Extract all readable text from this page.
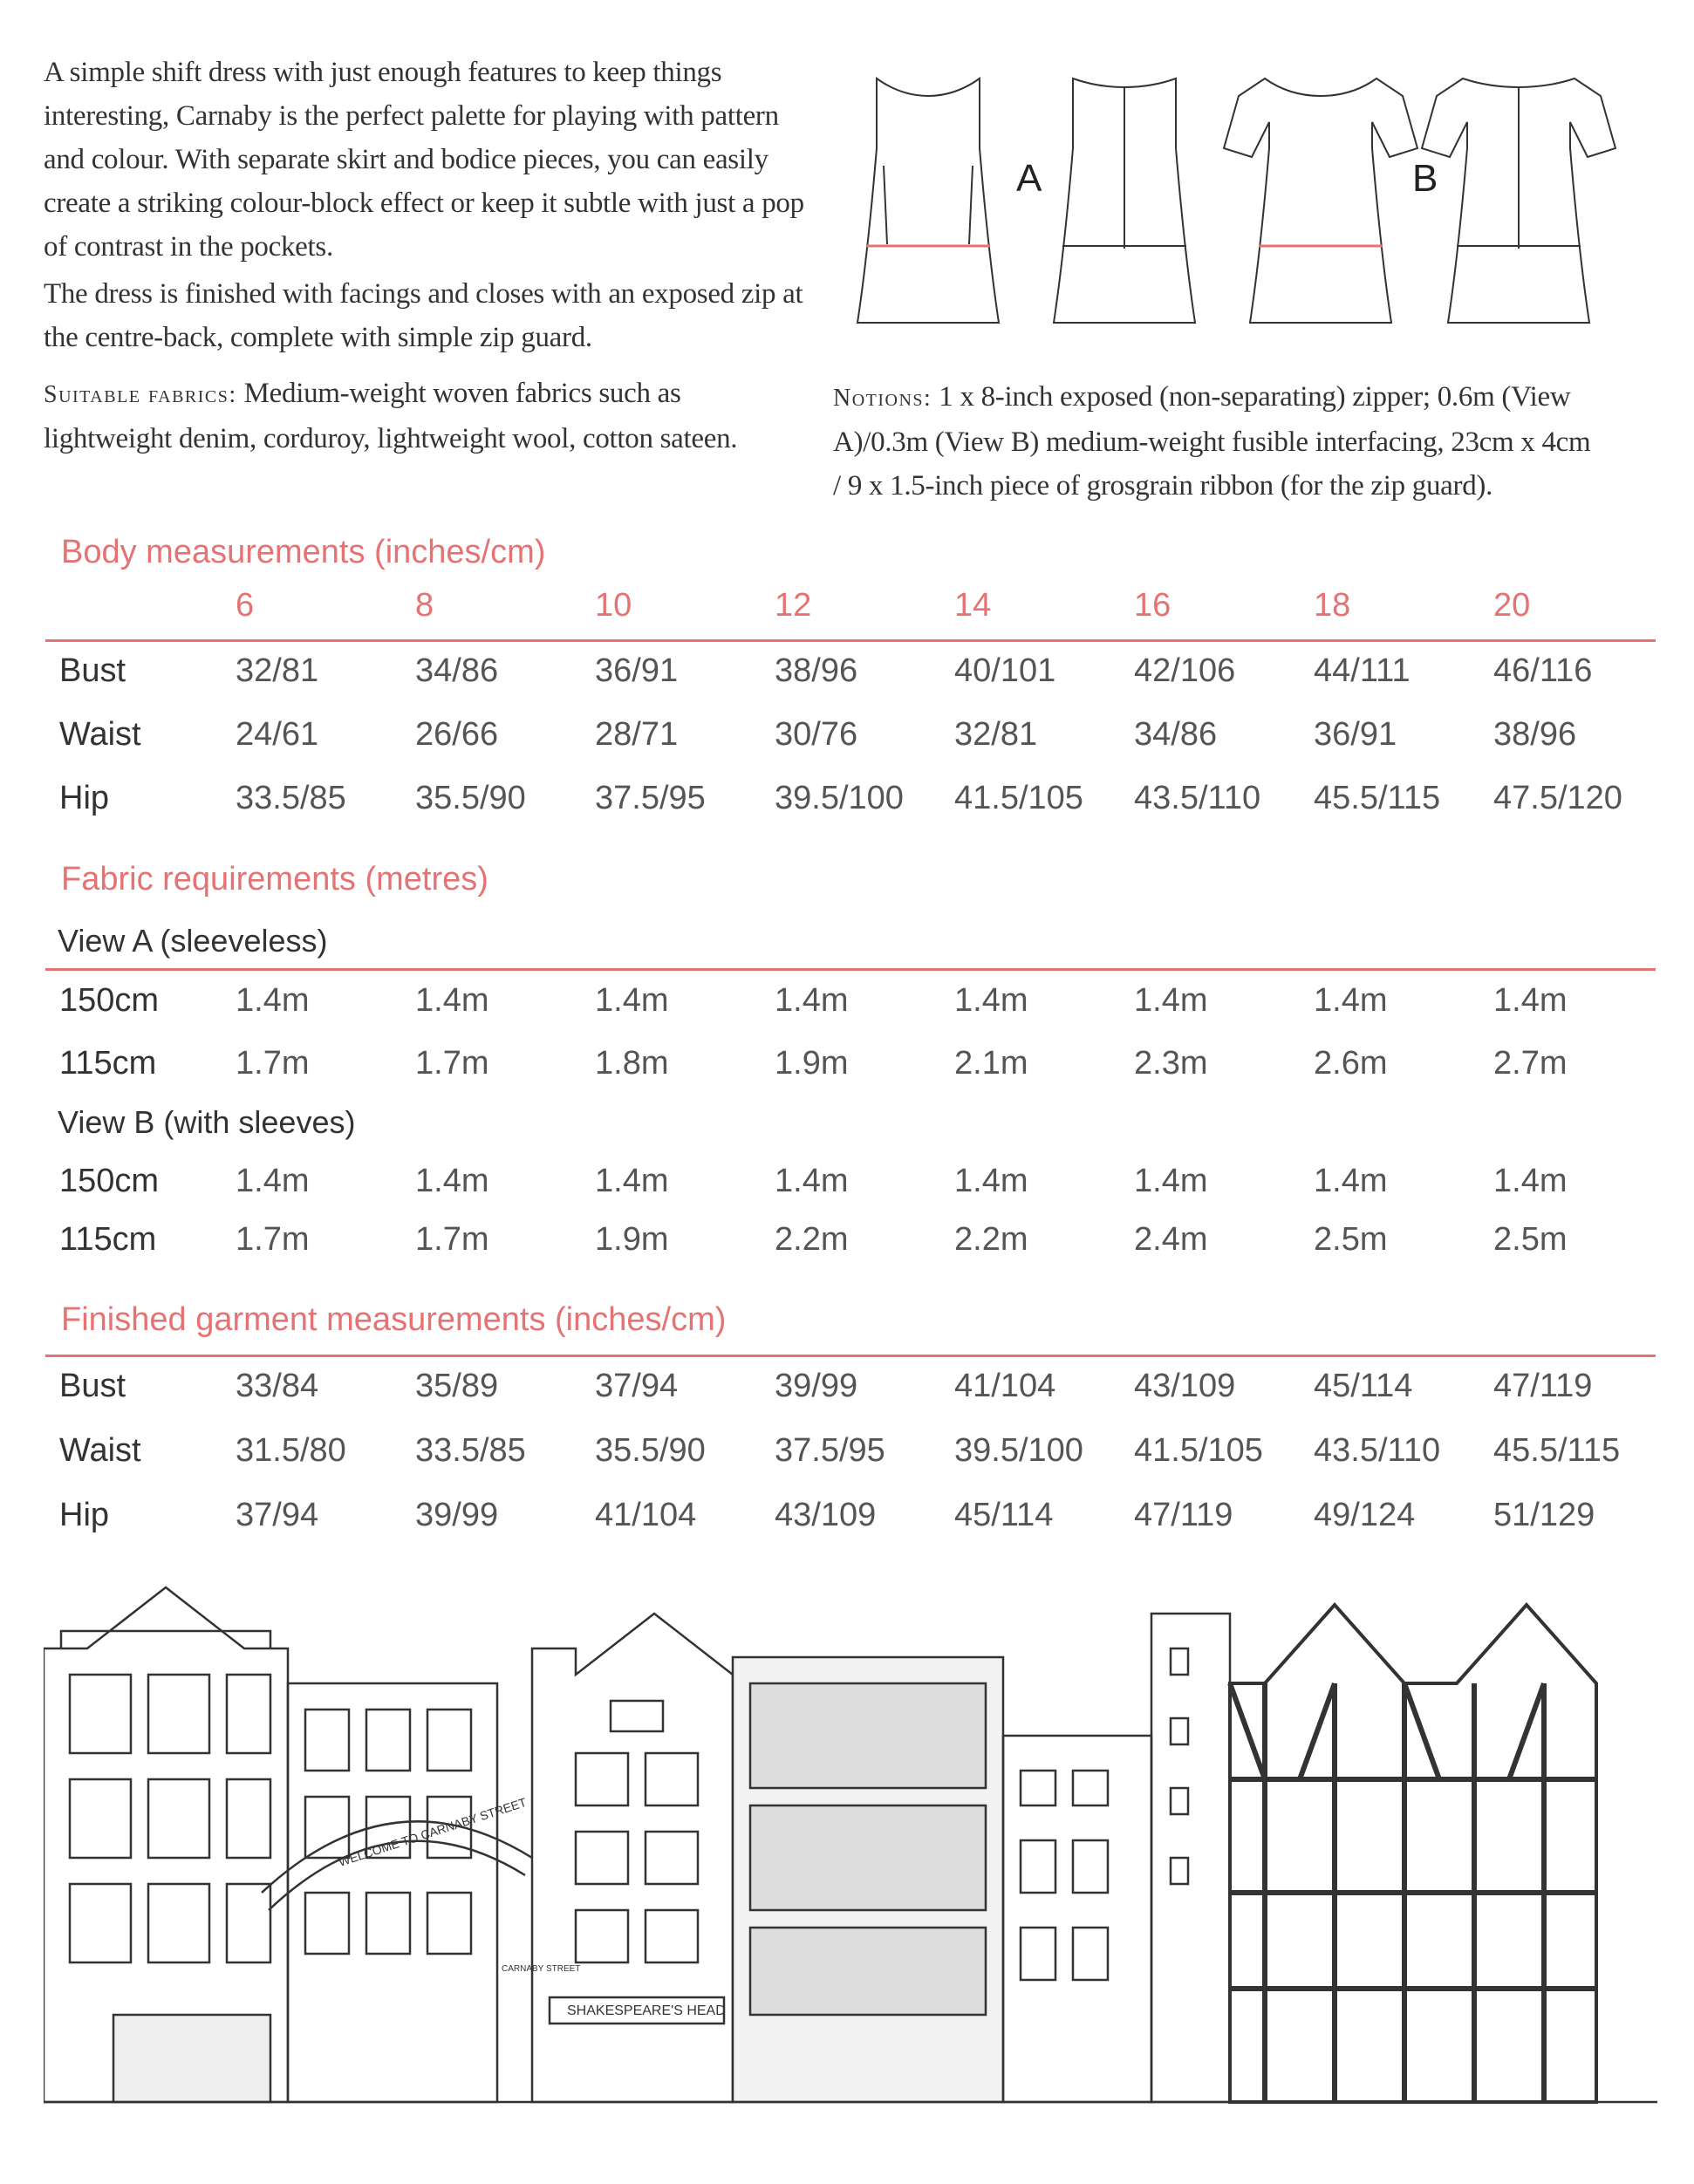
A simple shift dress with just enough features to keep things interesting, Carnaby is the perfect palette for playing with pattern and colour. With separate skirt and bodice pieces, you can easily create a striking colour-block effect or keep it subtle with just a pop of contrast in the pockets.

The dress is finished with facings and closes with an exposed zip at the centre-back, complete with simple zip guard.

Suitable fabrics: Medium-weight woven fabrics such as lightweight denim, corduroy, lightweight wool, cotton sateen.

A	B
Notions: 1 x 8-inch exposed (non-separating) zipper; 0.6m (View A)/0.3m (View B) medium-weight fusible interfacing, 23cm x 4cm / 9 x 1.5-inch piece of grosgrain ribbon (for the zip guard).
Body measurements (inches/cm)
6	8	10	12	14	16	18	20
Bust	32/81	34/86	36/91	38/96	40/101 42/106 44/111	46/116
Waist	24/61	26/66	28/71	30/76	32/81	34/86	36/91	38/96
Hip	33.5/85 35.5/90 37.5/95 39.5/100 41.5/105 43.5/110 45.5/115 47.5/120
Fabric requirements (metres)
View A (sleeveless)
150cm 1.4m	1.4m	1.4m	1.4m	1.4m	1.4m	1.4m	1.4m
115cm 1.7m	1.7m	1.8m	1.9m	2.1m	2.3m	2.6m	2.7m
View B (with sleeves)
150cm 1.4m	1.4m	1.4m	1.4m	1.4m	1.4m	1.4m	1.4m
115cm 1.7m	1.7m	1.9m	2.2m	2.2m	2.4m	2.5m	2.5m
Finished garment measurements (inches/cm)
Bust	33/84	35/89	37/94	39/99	41/104 43/109 45/114 47/119
Waist	31.5/80 33.5/85 35.5/90 37.5/95 39.5/100 41.5/105 43.5/110 45.5/115
Hip	37/94	39/99	41/104 43/109 45/114 47/119 49/124 51/129
WELCOME TO CARNABY STREET
SHAKESPEARE'S HEAD
CARNABY STREET
